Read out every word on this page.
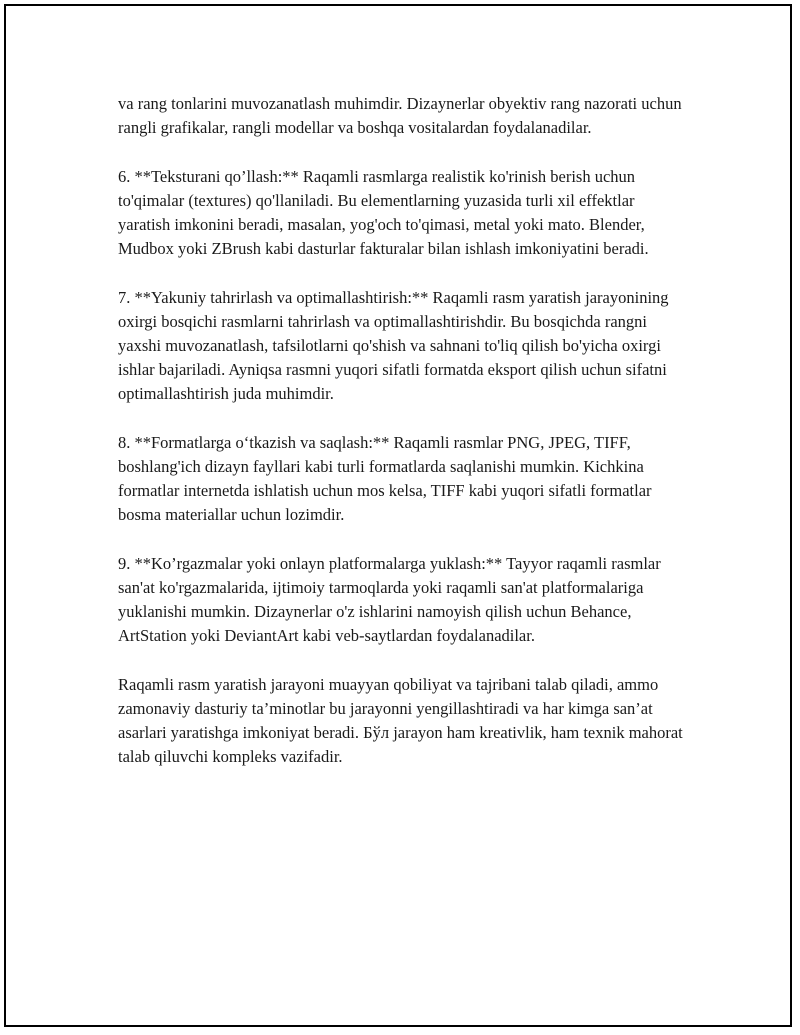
va rang tonlarini muvozanatlash muhimdir. Dizaynerlar obyektiv rang nazorati uchun rangli grafikalar, rangli modellar va boshqa vositalardan foydalanadilar.

6. **Teksturani qo’llash:** Raqamli rasmlarga realistik ko'rinish berish uchun to'qimalar (textures) qo'llaniladi. Bu elementlarning yuzasida turli xil effektlar yaratish imkonini beradi, masalan, yog'och to'qimasi, metal yoki mato. Blender, Mudbox yoki ZBrush kabi dasturlar fakturalar bilan ishlash imkoniyatini beradi.

7. **Yakuniy tahrirlash va optimallashtirish:** Raqamli rasm yaratish jarayonining oxirgi bosqichi rasmlarni tahrirlash va optimallashtirishdir. Bu bosqichda rangni yaxshi muvozanatlash, tafsilotlarni qo'shish va sahnani to'liq qilish bo'yicha oxirgi ishlar bajariladi. Ayniqsa rasmni yuqori sifatli formatda eksport qilish uchun sifatni optimallashtirish juda muhimdir.

8. **Formatlarga o‘tkazish va saqlash:** Raqamli rasmlar PNG, JPEG, TIFF, boshlang'ich dizayn fayllari kabi turli formatlarda saqlanishi mumkin. Kichkina formatlar internetda ishlatish uchun mos kelsa, TIFF kabi yuqori sifatli formatlar bosma materiallar uchun lozimdir.

9. **Ko’rgazmalar yoki onlayn platformalarga yuklash:** Tayyor raqamli rasmlar san'at ko'rgazmalarida, ijtimoiy tarmoqlarda yoki raqamli san'at platformalariga yuklanishi mumkin. Dizaynerlar o'z ishlarini namoyish qilish uchun Behance, ArtStation yoki DeviantArt kabi veb-saytlardan foydalanadilar.

Raqamli rasm yaratish jarayoni muayyan qobiliyat va tajribani talab qiladi, ammo zamonaviy dasturiy ta’minotlar bu jarayonni yengillashtiradi va har kimga san’at asarlari yaratishga imkoniyat beradi. Бўл jarayon ham kreativlik, ham texnik mahorat talab qiluvchi kompleks vazifadir.
